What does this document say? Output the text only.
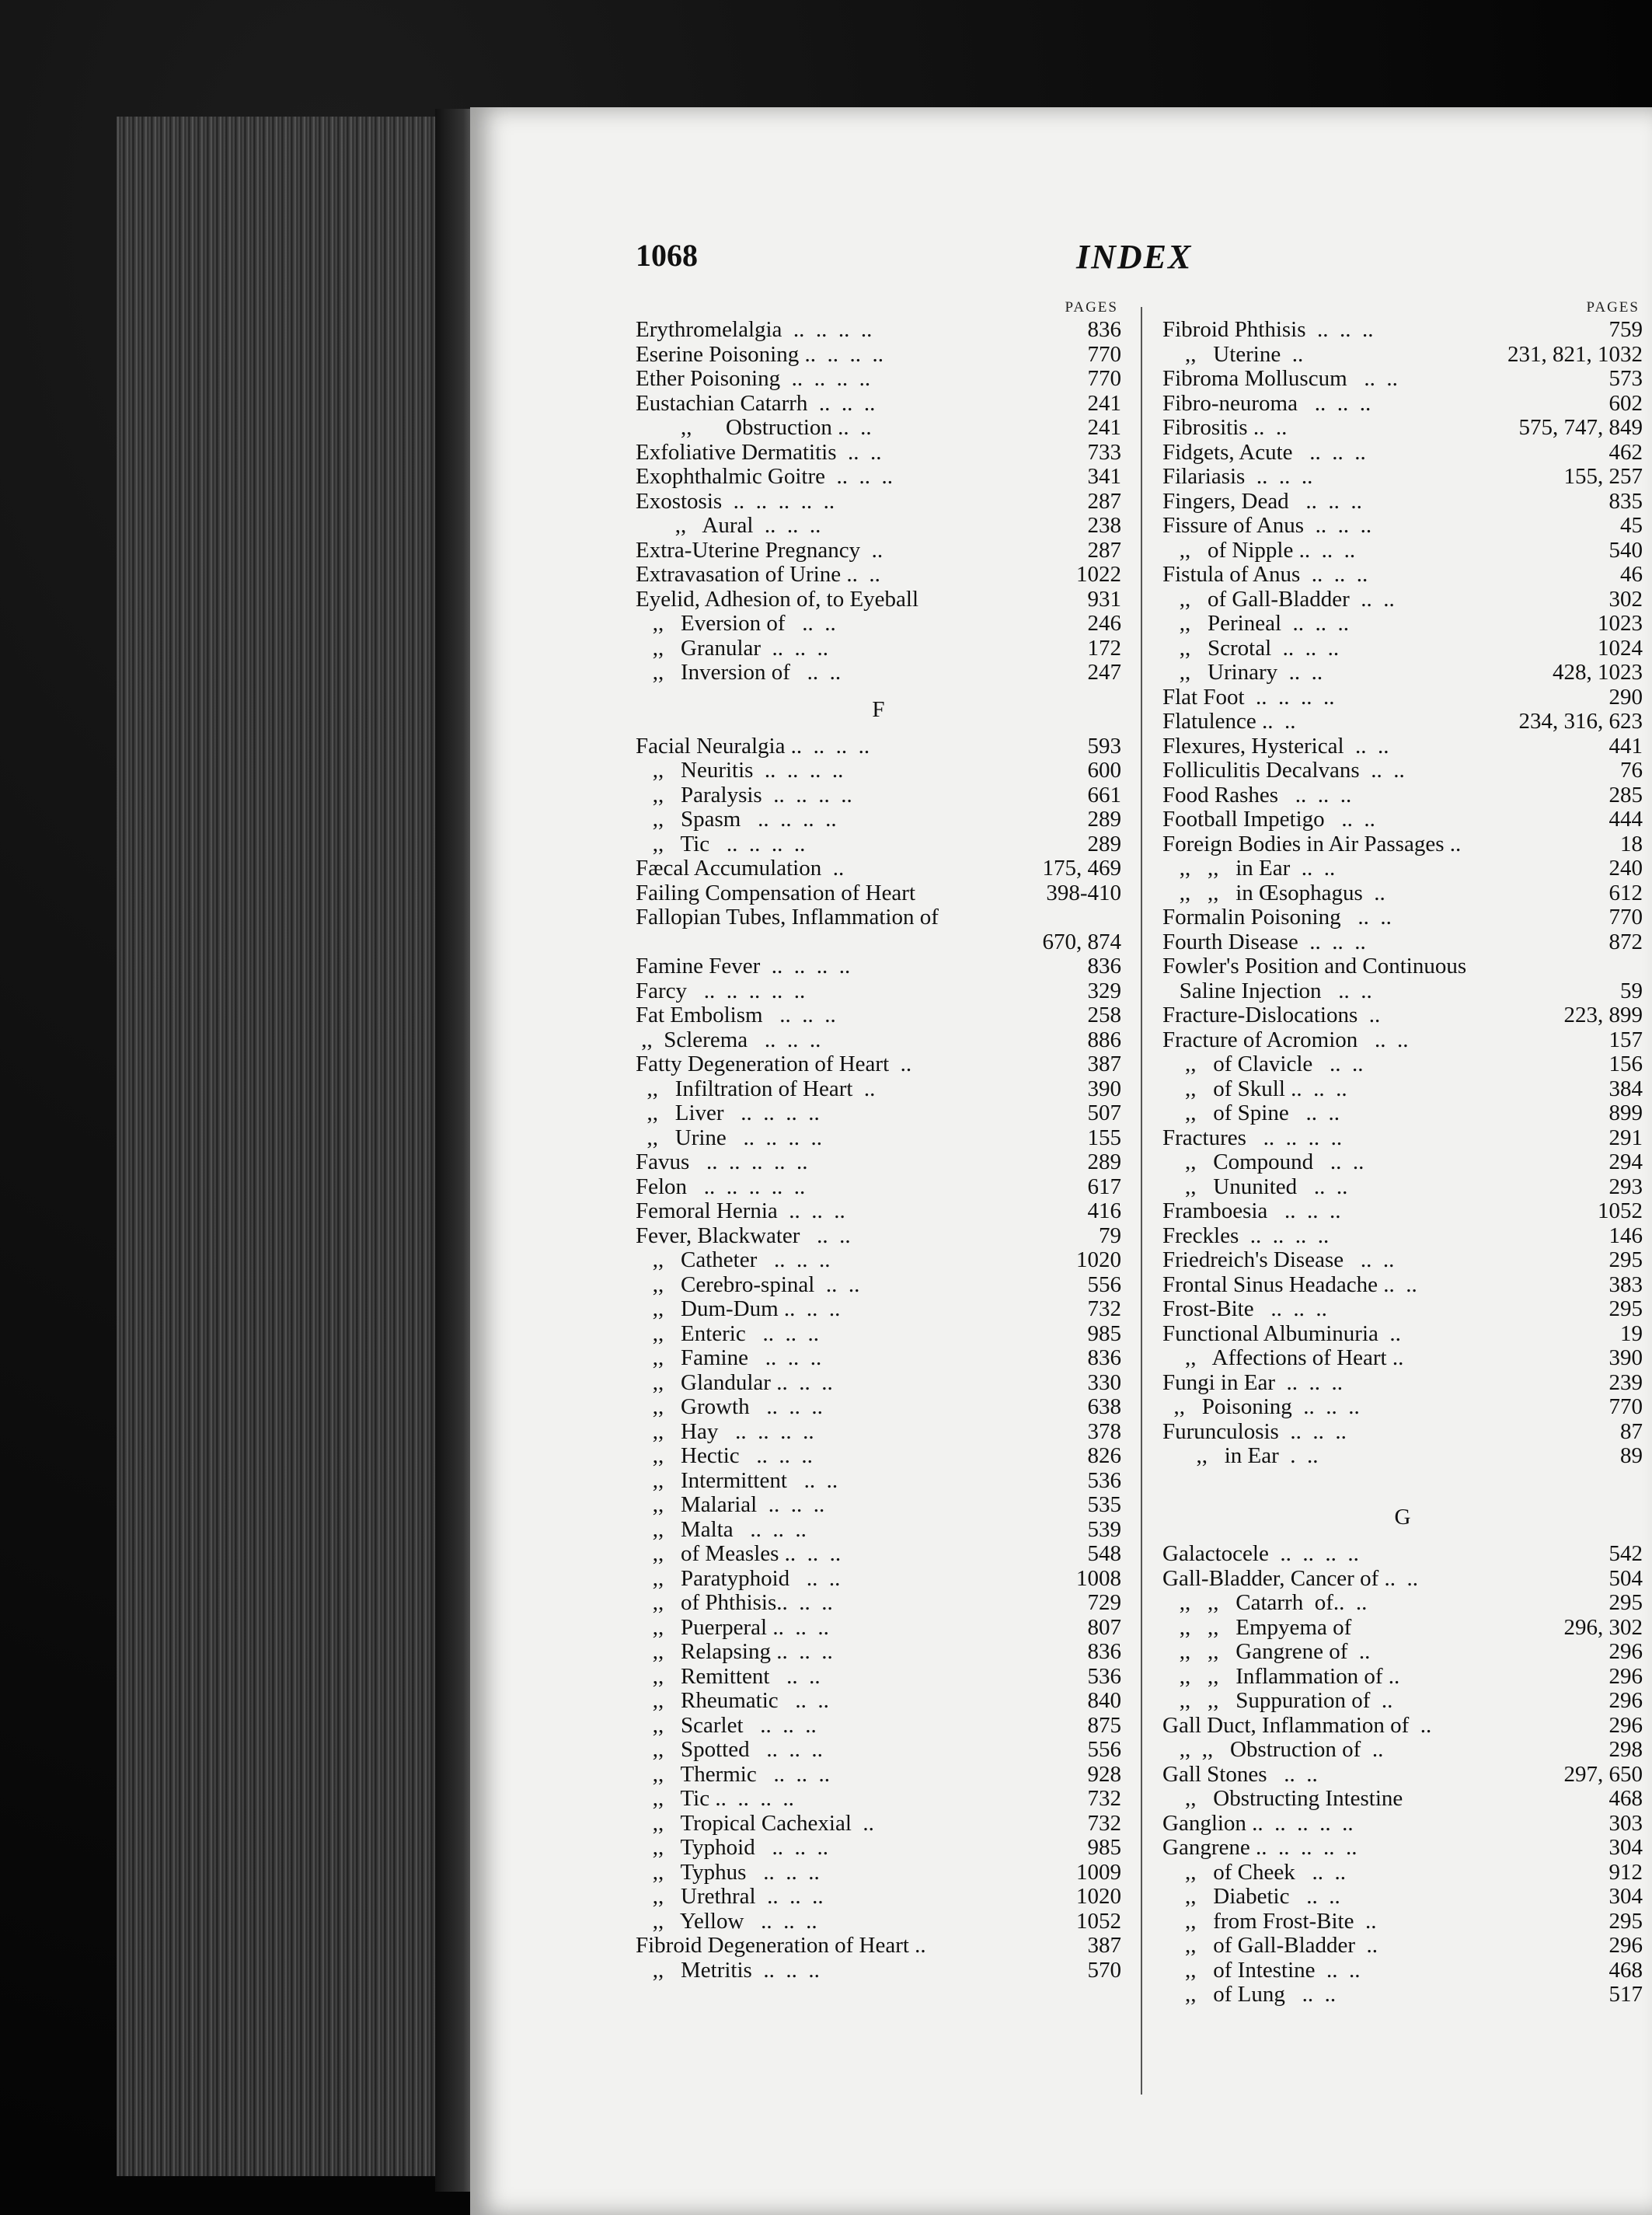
1068	INDEX
PAGES
Erythromelalgia  ..  ..  ..  ..	836
Eserine Poisoning ..  ..  ..  ..	770
Ether Poisoning  ..  ..  ..  ..	770
Eustachian Catarrh  ..  ..  ..	241
,,      Obstruction ..  ..	241
Exfoliative Dermatitis  ..  ..	733
Exophthalmic Goitre  ..  ..  ..	341
Exostosis  ..  ..  ..  ..  ..	287
,,   Aural  ..  ..  ..	238
Extra-Uterine Pregnancy  ..	287
Extravasation of Urine ..  ..	1022
Eyelid, Adhesion of, to Eyeball	931
,,   Eversion of   ..  ..	246
,,   Granular  ..  ..  ..	172
,,   Inversion of   ..  ..	247
F
Facial Neuralgia ..  ..  ..  ..	593
,,   Neuritis  ..  ..  ..  ..	600
,,   Paralysis  ..  ..  ..  ..	661
,,   Spasm   ..  ..  ..  ..	289
,,   Tic   ..  ..  ..  ..	289
Fæcal Accumulation  ..	175, 469
Failing Compensation of Heart	398-410
Fallopian Tubes, Inflammation of
670, 874
Famine Fever  ..  ..  ..  ..	836
Farcy   ..  ..  ..  ..  ..	329
Fat Embolism   ..  ..  ..	258
,,  Sclerema   ..  ..  ..	886
Fatty Degeneration of Heart  ..	387
,,   Infiltration of Heart  ..	390
,,   Liver   ..  ..  ..  ..	507
,,   Urine   ..  ..  ..  ..	155
Favus   ..  ..  ..  ..  ..	289
Felon   ..  ..  ..  ..  ..	617
Femoral Hernia  ..  ..  ..	416
Fever, Blackwater   ..  ..	79
,,   Catheter   ..  ..  ..	1020
,,   Cerebro-spinal  ..  ..	556
,,   Dum-Dum ..  ..  ..	732
,,   Enteric   ..  ..  ..	985
,,   Famine   ..  ..  ..	836
,,   Glandular ..  ..  ..	330
,,   Growth   ..  ..  ..	638
,,   Hay   ..  ..  ..  ..	378
,,   Hectic   ..  ..  ..	826
,,   Intermittent   ..  ..	536
,,   Malarial  ..  ..  ..	535
,,   Malta   ..  ..  ..	539
,,   of Measles ..  ..  ..	548
,,   Paratyphoid   ..  ..	1008
,,   of Phthisis..  ..  ..	729
,,   Puerperal ..  ..  ..	807
,,   Relapsing ..  ..  ..	836
,,   Remittent   ..  ..	536
,,   Rheumatic   ..  ..	840
,,   Scarlet   ..  ..  ..	875
,,   Spotted   ..  ..  ..	556
,,   Thermic   ..  ..  ..	928
,,   Tic ..  ..  ..  ..	732
,,   Tropical Cachexial  ..	732
,,   Typhoid   ..  ..  ..	985
,,   Typhus   ..  ..  ..	1009
,,   Urethral  ..  ..  ..	1020
,,   Yellow   ..  ..  ..	1052
Fibroid Degeneration of Heart ..	387
,,   Metritis  ..  ..  ..	570
PAGES
Fibroid Phthisis  ..  ..  ..	759
,,   Uterine  ..	231, 821, 1032
Fibroma Molluscum   ..  ..	573
Fibro-neuroma   ..  ..  ..	602
Fibrositis ..  ..	575, 747, 849
Fidgets, Acute   ..  ..  ..	462
Filariasis  ..  ..  ..	155, 257
Fingers, Dead   ..  ..  ..	835
Fissure of Anus  ..  ..  ..	45
,,   of Nipple ..  ..  ..	540
Fistula of Anus  ..  ..  ..	46
,,   of Gall-Bladder  ..  ..	302
,,   Perineal  ..  ..  ..	1023
,,   Scrotal  ..  ..  ..	1024
,,   Urinary  ..  ..	428, 1023
Flat Foot  ..  ..  ..  ..	290
Flatulence ..  ..	234, 316, 623
Flexures, Hysterical  ..  ..	441
Folliculitis Decalvans  ..  ..	76
Food Rashes   ..  ..  ..	285
Football Impetigo   ..  ..	444
Foreign Bodies in Air Passages ..	18
,,   ,,   in Ear  ..  ..	240
,,   ,,   in Œsophagus  ..	612
Formalin Poisoning   ..  ..	770
Fourth Disease  ..  ..  ..	872
Fowler's Position and Continuous
Saline Injection   ..  ..	59
Fracture-Dislocations  ..	223, 899
Fracture of Acromion   ..  ..	157
,,   of Clavicle   ..  ..	156
,,   of Skull ..  ..  ..	384
,,   of Spine   ..  ..	899
Fractures   ..  ..  ..  ..	291
,,   Compound   ..  ..	294
,,   Ununited   ..  ..	293
Framboesia   ..  ..  ..	1052
Freckles  ..  ..  ..  ..	146
Friedreich's Disease   ..  ..	295
Frontal Sinus Headache ..  ..	383
Frost-Bite   ..  ..  ..	295
Functional Albuminuria  ..	19
,,   Affections of Heart ..	390
Fungi in Ear  ..  ..  ..	239
,,   Poisoning  ..  ..  ..	770
Furunculosis  ..  ..  ..	87
,,   in Ear  .  ..	89
G
Galactocele  ..  ..  ..  ..	542
Gall-Bladder, Cancer of ..  ..	504
,,   ,,   Catarrh  of..  ..	295
,,   ,,   Empyema of	296, 302
,,   ,,   Gangrene of  ..	296
,,   ,,   Inflammation of ..	296
,,   ,,   Suppuration of  ..	296
Gall Duct, Inflammation of  ..	296
,,  ,,   Obstruction of  ..	298
Gall Stones   ..  ..	297, 650
,,   Obstructing Intestine	468
Ganglion ..  ..  ..  ..  ..	303
Gangrene ..  ..  ..  ..  ..	304
,,   of Cheek   ..  ..	912
,,   Diabetic   ..  ..	304
,,   from Frost-Bite  ..	295
,,   of Gall-Bladder  ..	296
,,   of Intestine  ..  ..	468
,,   of Lung   ..  ..	517
